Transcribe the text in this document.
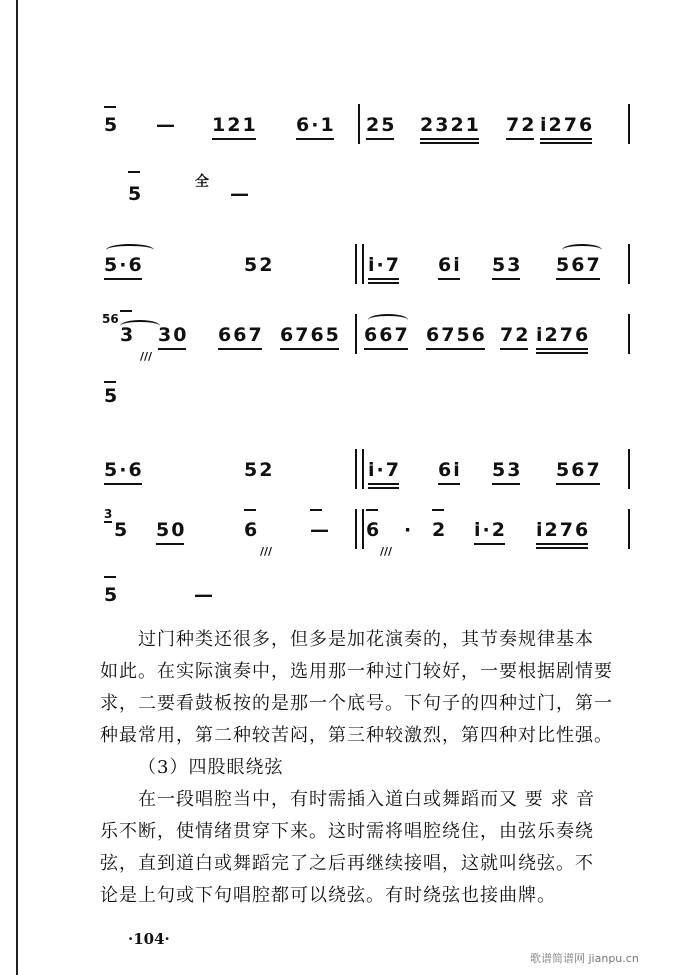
5 — 121 6·1 25 2321 72 i276
5
全
—
5·6	52	i·7 6i 53 567
56
3
///
30 667 6765 667 6756 72 i276
5
5·6	52	i·7 6i 53 567
3
5 50	6
///
— 6
///
· 2 i·2 i276
5	—

过门种类还很多，但多是加花演奏的，其节奏规律基本

如此。在实际演奏中，选用那一种过门较好，一要根据剧情要

求，二要看鼓板按的是那一个底号。下句子的四种过门，第一

种最常用，第二种较苦闷，第三种较激烈，第四种对比性强。

（3）四股眼绕弦

在一段唱腔当中，有时需插入道白或舞蹈而又 要 求 音

乐不断，使情绪贯穿下来。这时需将唱腔绕住，由弦乐奏绕

弦，直到道白或舞蹈完了之后再继续接唱，这就叫绕弦。不

论是上句或下句唱腔都可以绕弦。有时绕弦也接曲牌。

·104·
歌谱简谱网 jianpu.cn
